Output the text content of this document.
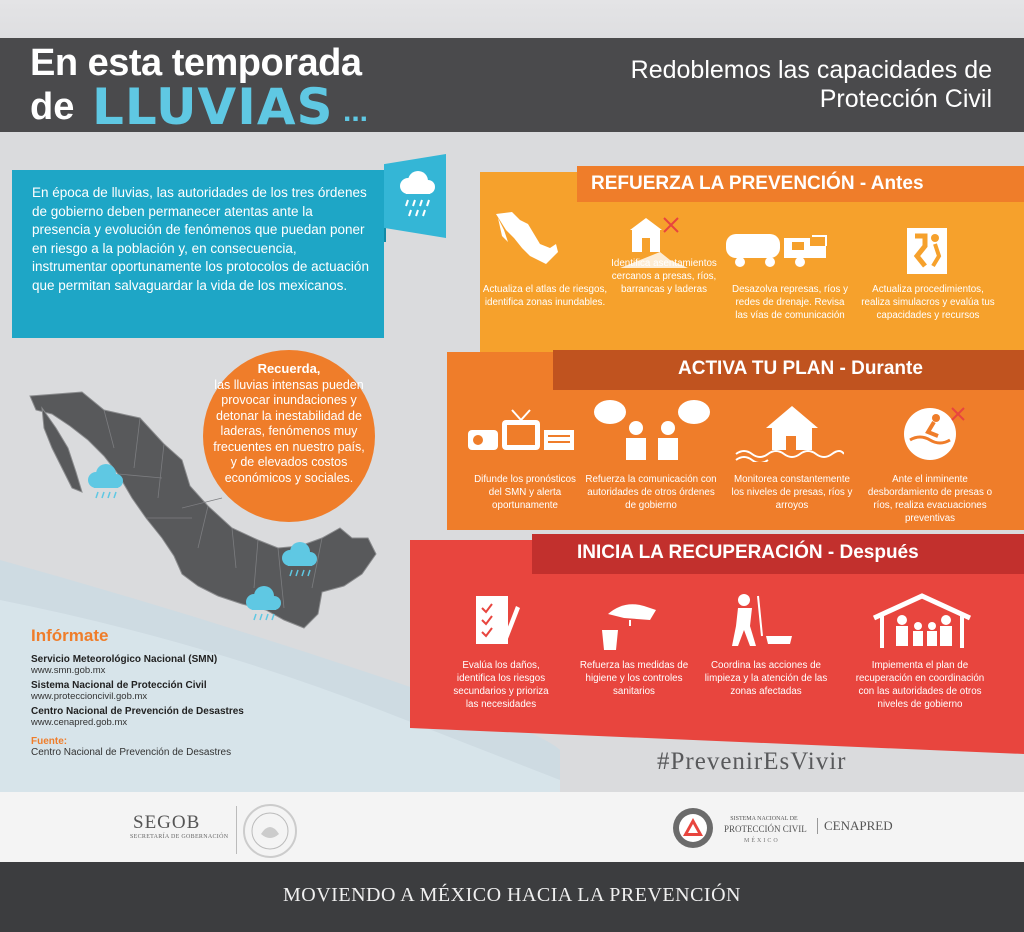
En esta temporada
de LLUVIAS ...
Redoblemos las capacidades de Protección Civil
En época de lluvias, las autoridades de los tres órdenes de gobierno deben permanecer atentas ante la presencia y evolución de fenómenos que puedan poner en riesgo a la población y, en consecuencia, instrumentar oportunamente los protocolos de actuación que permitan salvaguardar la vida de los mexicanos.
Recuerda,
las lluvias intensas pueden provocar inundaciones y detonar la inestabilidad de laderas, fenómenos muy frecuentes en nuestro país, y de elevados costos económicos y sociales.
Infórmate
Servicio Meteorológico Nacional (SMN)
www.smn.gob.mx
Sistema Nacional de Protección Civil
www.proteccioncivil.gob.mx
Centro Nacional de Prevención de Desastres
www.cenapred.gob.mx
Fuente:
Centro Nacional de Prevención de Desastres
REFUERZA LA PREVENCIÓN - Antes
Actualiza el atlas de riesgos, identifica zonas inundables.
Identifica asentamientos cercanos a presas, ríos, barrancas y laderas	Desazolva represas, ríos y redes de drenaje. Revisa las vías de comunicación
Actualiza procedimientos, realiza simulacros y evalúa tus capacidades y recursos
ACTIVA TU PLAN - Durante
Difunde los pronósticos del SMN y alerta oportunamente
Refuerza la comunicación con autoridades de otros órdenes de gobierno
Monitorea constantemente los niveles de presas, ríos y arroyos
Ante el inminente desbordamiento de presas o ríos, realiza evacuaciones preventivas
INICIA LA RECUPERACIÓN - Después
Evalúa los daños, identifica los riesgos secundarios y prioriza las necesidades
Refuerza las medidas de higiene y los controles sanitarios
Coordina las acciones de limpieza y la atención de las zonas afectadas
Impiementa el plan de recuperación en coordinación con las autoridades de otros niveles de gobierno
#PrevenirEsVivir
SEGOB
SECRETARÍA DE GOBERNACIÓN
SISTEMA NACIONAL DE
PROTECCIÓN CIVIL
MÉXICO
CENAPRED
MOVIENDO A MÉXICO HACIA LA PREVENCIÓN
